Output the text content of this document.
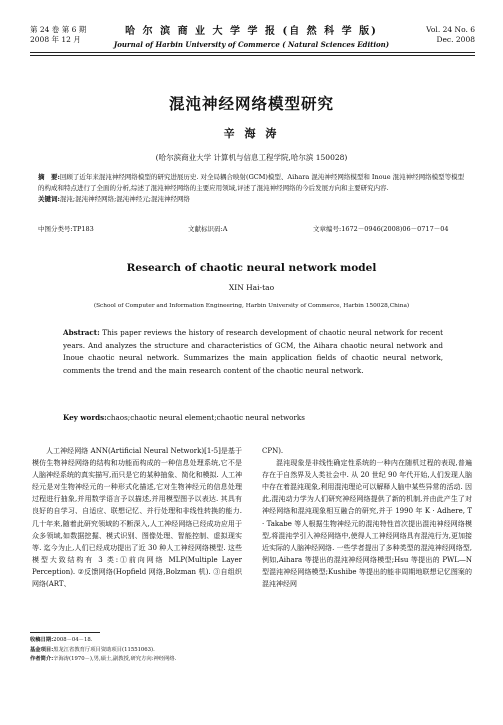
第 24 卷 第 6 期
2008 年 12 月
哈 尔 滨 商 业 大 学 学 报 (自 然 科 学 版)
Journal of Harbin University of Commerce ( Natural Sciences Edition)
Vol. 24 No. 6
Dec. 2008
混沌神经网络模型研究
辛 海 涛
(哈尔滨商业大学 计算机与信息工程学院,哈尔滨 150028)
摘　要:回顾了近年来混沌神经网络模型的研究进展历史. 对全局耦合映射(GCM)模型、Aihara 混沌神经网络模型和 Inoue 混沌神经网络模型等模型的构成和特点进行了全面的分析,综述了混沌神经网络的主要应用领域,评述了混沌神经网络的今后发展方向和主要研究内容.
关键词:混沌;混沌神经网络;混沌神经元;混沌神经网络
中图分类号:TP183	文献标识码:A	文章编号:1672－0946(2008)06－0717－04
Research of chaotic neural network model
XIN Hai-tao
(School of Computer and Information Engineering, Harbin University of Commerce, Harbin 150028,China)
Abstract: This paper reviews the history of research development of chaotic neural network for recent years. And analyzes the structure and characteristics of GCM, the Aihara chaotic neural network and Inoue chaotic neural network. Summarizes the main application fields of chaotic neural network, comments the trend and the main research content of the chaotic neural network.
Key words:chaos;chaotic neural element;chaotic neural networks

人工神经网络 ANN(Artificial Neural Network)[1-5]是基于模仿生物神经网络的结构和功能而构成的一种信息处理系统,它不是人脑神经系统的真实描写,而只是它的某种抽象、简化和模拟. 人工神经元是对生物神经元的一种形式化描述,它对生物神经元的信息处理过程进行抽象,并用数学语言予以描述,并用模型图予以表达. 其具有良好的自学习、自适应、联想记忆、并行处理和非线性转换的能力. 几十年来,随着此研究领域的不断深入,人工神经网络已经成功应用于众多领域,如数据挖掘、模式识别、图像处理、智能控制、虚拟现实等. 迄今为止,人们已经成功提出了近 30 种人工神经网络模型. 这些模型大致结构有 3 类:①前向网络 MLP(Multiple Layer Perception). ②反馈网络(Hopfield 网络,Bolzman 机). ③自组织网络(ART、

CPN).

混沌现象是非线性确定性系统的一种内在随机过程的表现,普遍存在于自然界及人类社会中. 从 20 世纪 90 年代开始,人们发现人脑中存在着混沌现象,利用混沌理论可以解释人脑中某些异常的活动. 因此,混沌动力学为人们研究神经网络提供了新的机制,并由此产生了对神经网络和混沌现象相互融合的研究,并于 1990 年 K · Adhere, T · Takabe 等人根据生物神经元的混沌特性首次提出混沌神经网络模型,将混沌学引入神经网络中,使得人工神经网络具有混沌行为,更加接近实际的人脑神经网络. 一些学者提出了多种类型的混沌神经网络型,例如,Aihara 等提出的混沌神经网络模型;Hsu 等提出的 PWL—N 型混沌神经网络模型;Kushibe 等提出的能非周期地联想记忆图案的混沌神经网

收稿日期:2008－04－18.
基金项目:黑龙江省教育厅项目资助项目(11551063).
作者简介:辛海涛(1970－),男,硕士,副教授,研究方向:神经网络.
